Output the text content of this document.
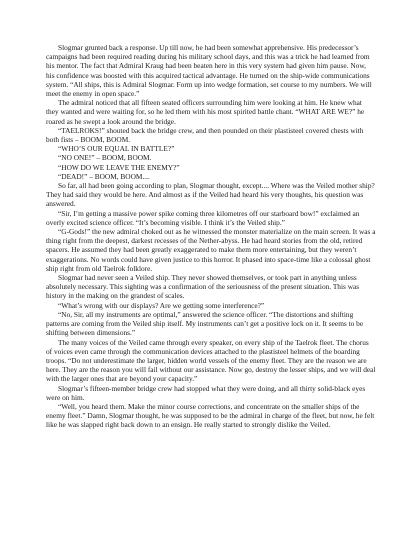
Slogmar grunted back a response. Up till now, he had been somewhat apprehensive. His predecessor’s campaigns had been required reading during his military school days, and this was a trick he had learned from his mentor. The fact that Admiral Kraug had been beaten here in this very system had given him pause. Now, his confidence was boosted with this acquired tactical advantage. He turned on the ship-wide communications system. “All ships, this is Admiral Slogmar. Form up into wedge formation, set course to my numbers. We will meet the enemy in open space.”

The admiral noticed that all fifteen seated officers surrounding him were looking at him. He knew what they wanted and were waiting for, so he led them with his most spirited battle chant. “WHAT ARE WE?” he roared as he swept a look around the bridge.

“TAELROKS!” shouted back the bridge crew, and then pounded on their plastisteel covered chests with both fists – BOOM, BOOM.

“WHO’S OUR EQUAL IN BATTLE?”

“NO ONE!” – BOOM, BOOM.

“HOW DO WE LEAVE THE ENEMY?”

“DEAD!” – BOOM, BOOM....

So far, all had been going according to plan, Slogmar thought, except.... Where was the Veiled mother ship? They had said they would be here. And almost as if the Veiled had heard his very thoughts, his question was answered.

“Sir, I’m getting a massive power spike coming three kilometres off our starboard bow!” exclaimed an overly excited science officer. “It’s becoming visible. I think it’s the Veiled ship.”

“G-Gods!” the new admiral choked out as he witnessed the monster materialize on the main screen. It was a thing right from the deepest, darkest recesses of the Nether-abyss. He had heard stories from the old, retired spacers. He assumed they had been greatly exaggerated to make them more entertaining, but they weren’t exaggerations. No words could have given justice to this horror. It phased into space-time like a colossal ghost ship right from old Taelrok folklore.

Slogmar had never seen a Veiled ship. They never showed themselves, or took part in anything unless absolutely necessary. This sighting was a confirmation of the seriousness of the present situation. This was history in the making on the grandest of scales.

“What’s wrong with our displays? Are we getting some interference?”

“No, Sir, all my instruments are optimal,” answered the science officer. “The distortions and shifting patterns are coming from the Veiled ship itself. My instruments can’t get a positive lock on it. It seems to be shifting between dimensions.”

The many voices of the Veiled came through every speaker, on every ship of the Taelrok fleet. The chorus of voices even came through the communication devices attached to the plastisteel helmets of the boarding troops. “Do not underestimate the larger, hidden world vessels of the enemy fleet. They are the reason we are here. They are the reason you will fail without our assistance. Now go, destroy the lesser ships, and we will deal with the larger ones that are beyond your capacity.”

Slogmar’s fifteen-member bridge crew had stopped what they were doing, and all thirty solid-black eyes were on him.

“Well, you heard them. Make the minor course corrections, and concentrate on the smaller ships of the enemy fleet.” Damn, Slogmar thought, he was supposed to be the admiral in charge of the fleet, but now, he felt like he was slapped right back down to an ensign. He really started to strongly dislike the Veiled.
